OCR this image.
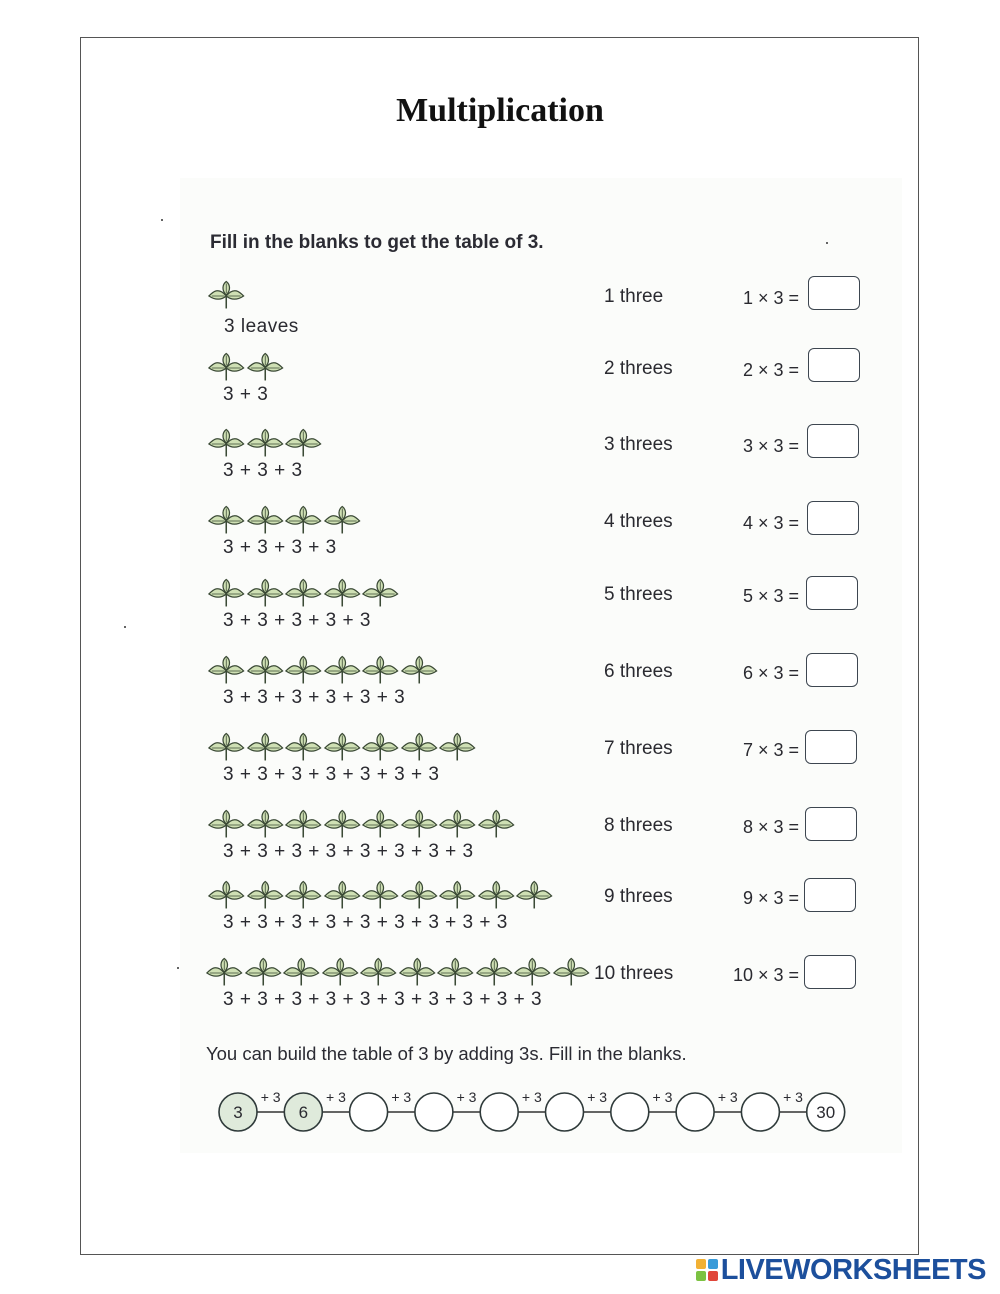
Multiplication
Fill in the blanks to get the table of 3.
3 leaves
1 three	1 × 3 =
3 + 3
2 threes	2 × 3 =
3 + 3 + 3
3 threes	3 × 3 =
3 + 3 + 3 + 3
4 threes	4 × 3 =
3 + 3 + 3 + 3 + 3
5 threes	5 × 3 =
3 + 3 + 3 + 3 + 3 + 3
6 threes	6 × 3 =
3 + 3 + 3 + 3 + 3 + 3 + 3
7 threes	7 × 3 =
3 + 3 + 3 + 3 + 3 + 3 + 3 + 3
8 threes	8 × 3 =
3 + 3 + 3 + 3 + 3 + 3 + 3 + 3 + 3
9 threes	9 × 3 =
3 + 3 + 3 + 3 + 3 + 3 + 3 + 3 + 3 + 3
10 threes	10 × 3 =
You can build the table of 3 by adding 3s. Fill in the blanks.
3
+ 3
6
+ 3	+ 3	+ 3	+ 3	+ 3	+ 3	+ 3	+ 3
30
LIVEWORKSHEETS
